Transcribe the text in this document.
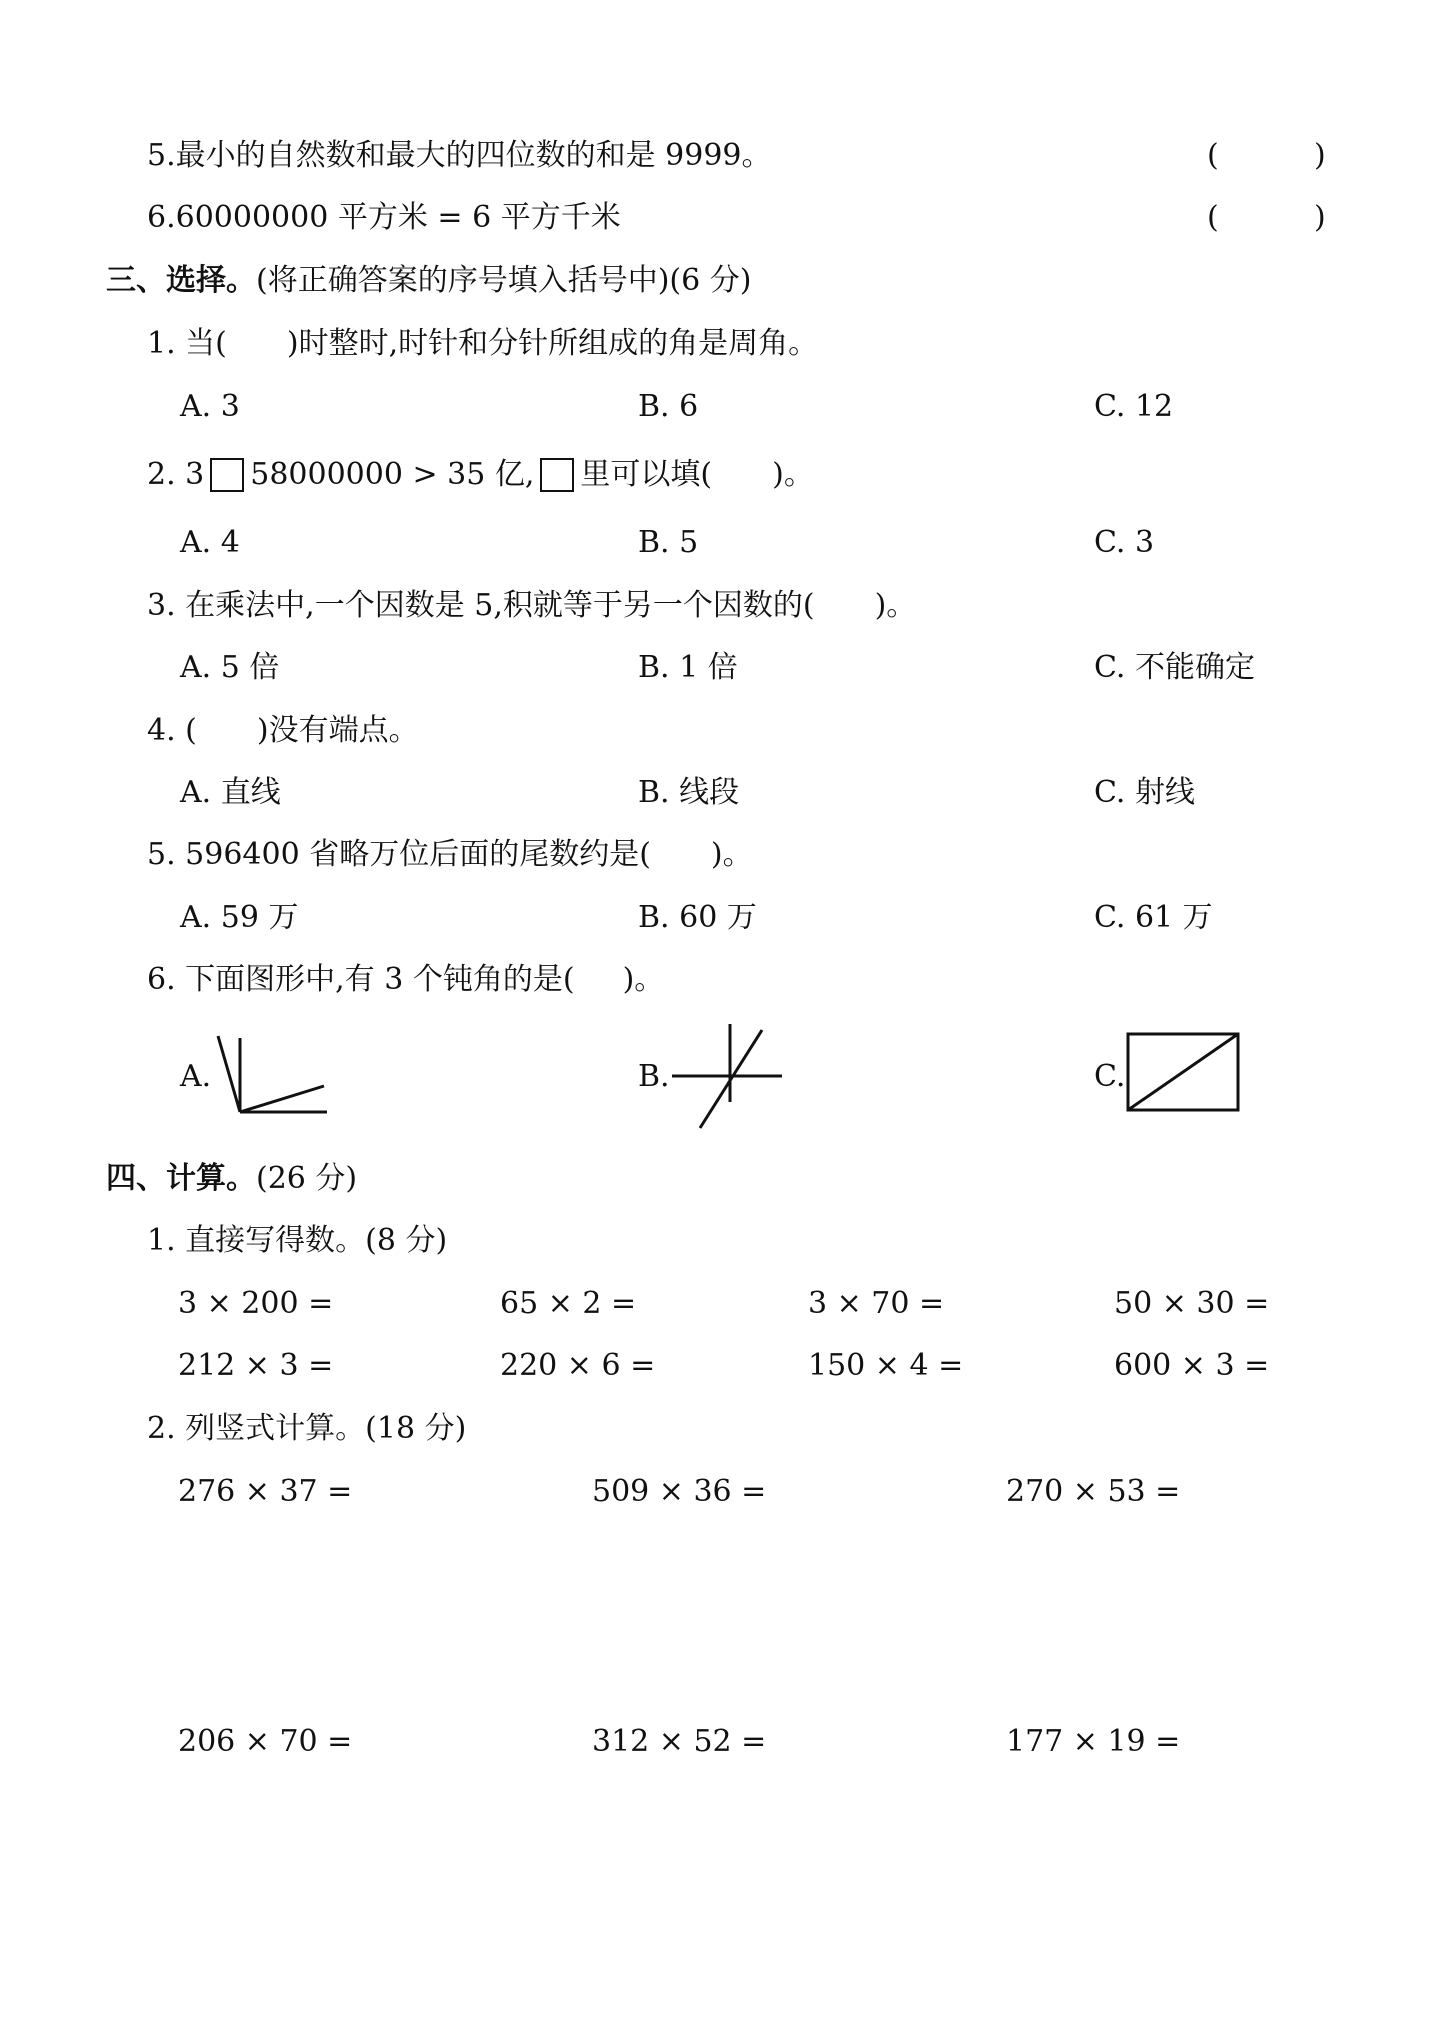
5.最小的自然数和最大的四位数的和是 9999。	(	)
6.60000000 平方米 = 6 平方千米	(	)
三、选择。(将正确答案的序号填入括号中)(6 分)
1. 当( )时整时,时针和分针所组成的角是周角。
A. 3	B. 6	C. 12
2. 3 58000000 > 35 亿, 里可以填( )。
A. 4	B. 5	C. 3
3. 在乘法中,一个因数是 5,积就等于另一个因数的( )。
A. 5 倍	B. 1 倍	C. 不能确定
4. ( )没有端点。
A. 直线	B. 线段	C. 射线
5. 596400 省略万位后面的尾数约是( )。
A. 59 万	B. 60 万	C. 61 万
6. 下面图形中,有 3 个钝角的是( )。
A.	B.	C.
四、计算。(26 分)
1. 直接写得数。(8 分)
3 × 200 =	65 × 2 =	3 × 70 =	50 × 30 =
212 × 3 =	220 × 6 =	150 × 4 =	600 × 3 =
2. 列竖式计算。(18 分)
276 × 37 =	509 × 36 =	270 × 53 =
206 × 70 =	312 × 52 =	177 × 19 =
